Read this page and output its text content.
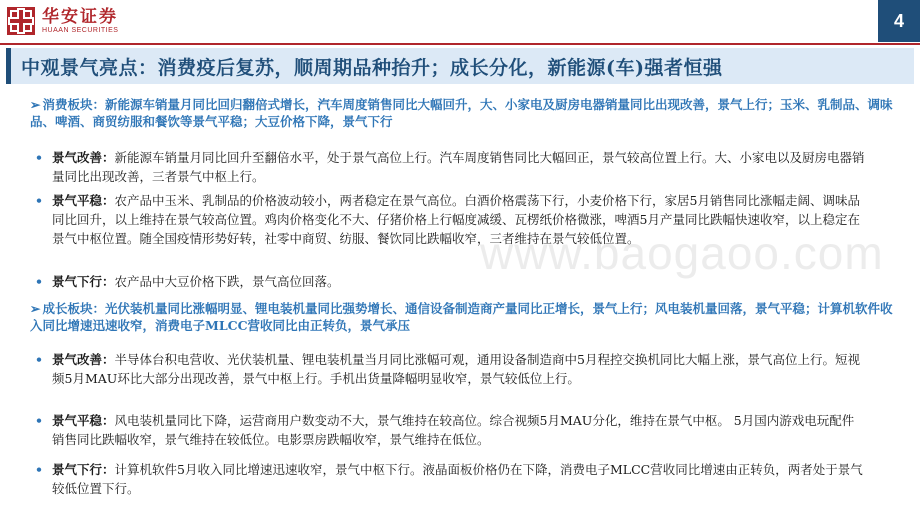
华安证券
HUAAN SECURITIES	4
中观景气亮点：消费疫后复苏，顺周期品种抬升；成长分化，新能源(车)强者恒强
➢ 消费板块：新能源车销量月同比回归翻倍式增长，汽车周度销售同比大幅回升，大、小家电及厨房电器销量同比出现改善，景气上行；玉米、乳制品、调味品、啤酒、商贸纺服和餐饮等景气平稳；大豆价格下降，景气下行
• 景气改善：新能源车销量月同比回升至翻倍水平，处于景气高位上行。汽车周度销售同比大幅回正，景气较高位置上行。大、小家电以及厨房电器销量同比出现改善，三者景气中枢上行。
• 景气平稳：农产品中玉米、乳制品的价格波动较小，两者稳定在景气高位。白酒价格震荡下行，小麦价格下行，家居5月销售同比涨幅走阔、调味品同比回升，以上维持在景气较高位置。鸡肉价格变化不大、仔猪价格上行幅度减缓、瓦楞纸价格微涨，啤酒5月产量同比跌幅快速收窄，以上稳定在景气中枢位置。随全国疫情形势好转，社零中商贸、纺服、餐饮同比跌幅收窄，三者维持在景气较低位置。
• 景气下行：农产品中大豆价格下跌，景气高位回落。
➢ 成长板块：光伏装机量同比涨幅明显、锂电装机量同比强势增长、通信设备制造商产量同比正增长，景气上行；风电装机量回落，景气平稳；计算机软件收入同比增速迅速收窄，消费电子MLCC营收同比由正转负，景气承压
• 景气改善：半导体台积电营收、光伏装机量、锂电装机量当月同比涨幅可观，通用设备制造商中5月程控交换机同比大幅上涨，景气高位上行。短视频5月MAU环比大部分出现改善，景气中枢上行。手机出货量降幅明显收窄，景气较低位上行。
• 景气平稳：风电装机量同比下降，运营商用户数变动不大，景气维持在较高位。综合视频5月MAU分化，维持在景气中枢。 5月国内游戏电玩配件销售同比跌幅收窄，景气维持在较低位。电影票房跌幅收窄，景气维持在低位。
• 景气下行：计算机软件5月收入同比增速迅速收窄，景气中枢下行。液晶面板价格仍在下降，消费电子MLCC营收同比增速由正转负，两者处于景气较低位置下行。
www.baogaoo.com
